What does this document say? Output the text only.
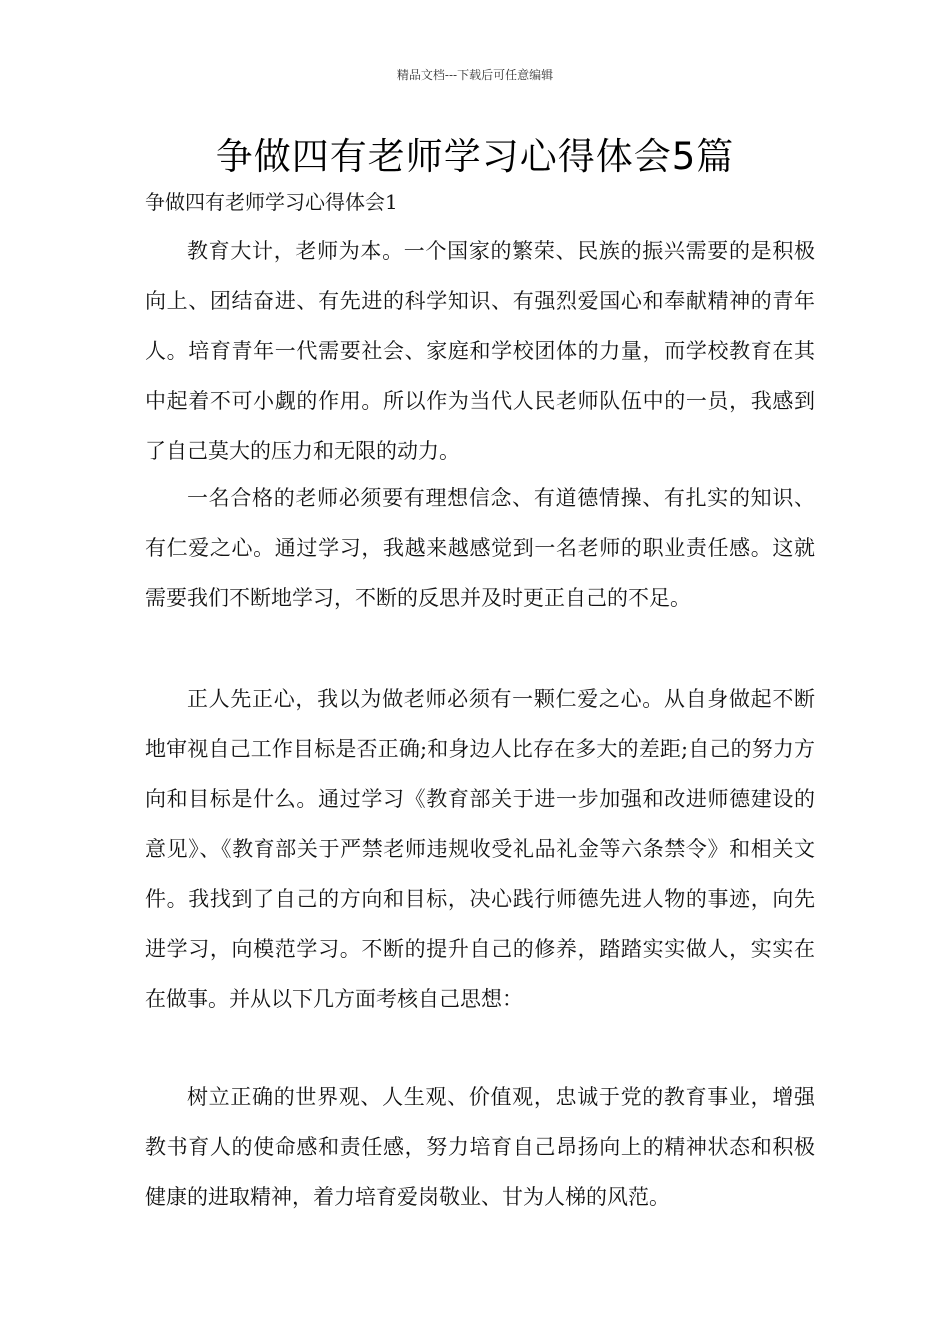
精品文档---下载后可任意编辑
争做四有老师学习心得体会5篇
争做四有老师学习心得体会1

教育大计，老师为本。一个国家的繁荣、民族的振兴需要的是积极向上、团结奋进、有先进的科学知识、有强烈爱国心和奉献精神的青年人。培育青年一代需要社会、家庭和学校团体的力量，而学校教育在其中起着不可小觑的作用。所以作为当代人民老师队伍中的一员，我感到了自己莫大的压力和无限的动力。

一名合格的老师必须要有理想信念、有道德情操、有扎实的知识、有仁爱之心。通过学习，我越来越感觉到一名老师的职业责任感。这就需要我们不断地学习，不断的反思并及时更正自己的不足。

正人先正心，我以为做老师必须有一颗仁爱之心。从自身做起不断地审视自己工作目标是否正确;和身边人比存在多大的差距;自己的努力方向和目标是什么。通过学习《教育部关于进一步加强和改进师德建设的意见》、《教育部关于严禁老师违规收受礼品礼金等六条禁令》和相关文件。我找到了自己的方向和目标，决心践行师德先进人物的事迹，向先进学习，向模范学习。不断的提升自己的修养，踏踏实实做人，实实在在做事。并从以下几方面考核自己思想：

树立正确的世界观、人生观、价值观，忠诚于党的教育事业，增强教书育人的使命感和责任感，努力培育自己昂扬向上的精神状态和积极健康的进取精神，着力培育爱岗敬业、甘为人梯的风范。
